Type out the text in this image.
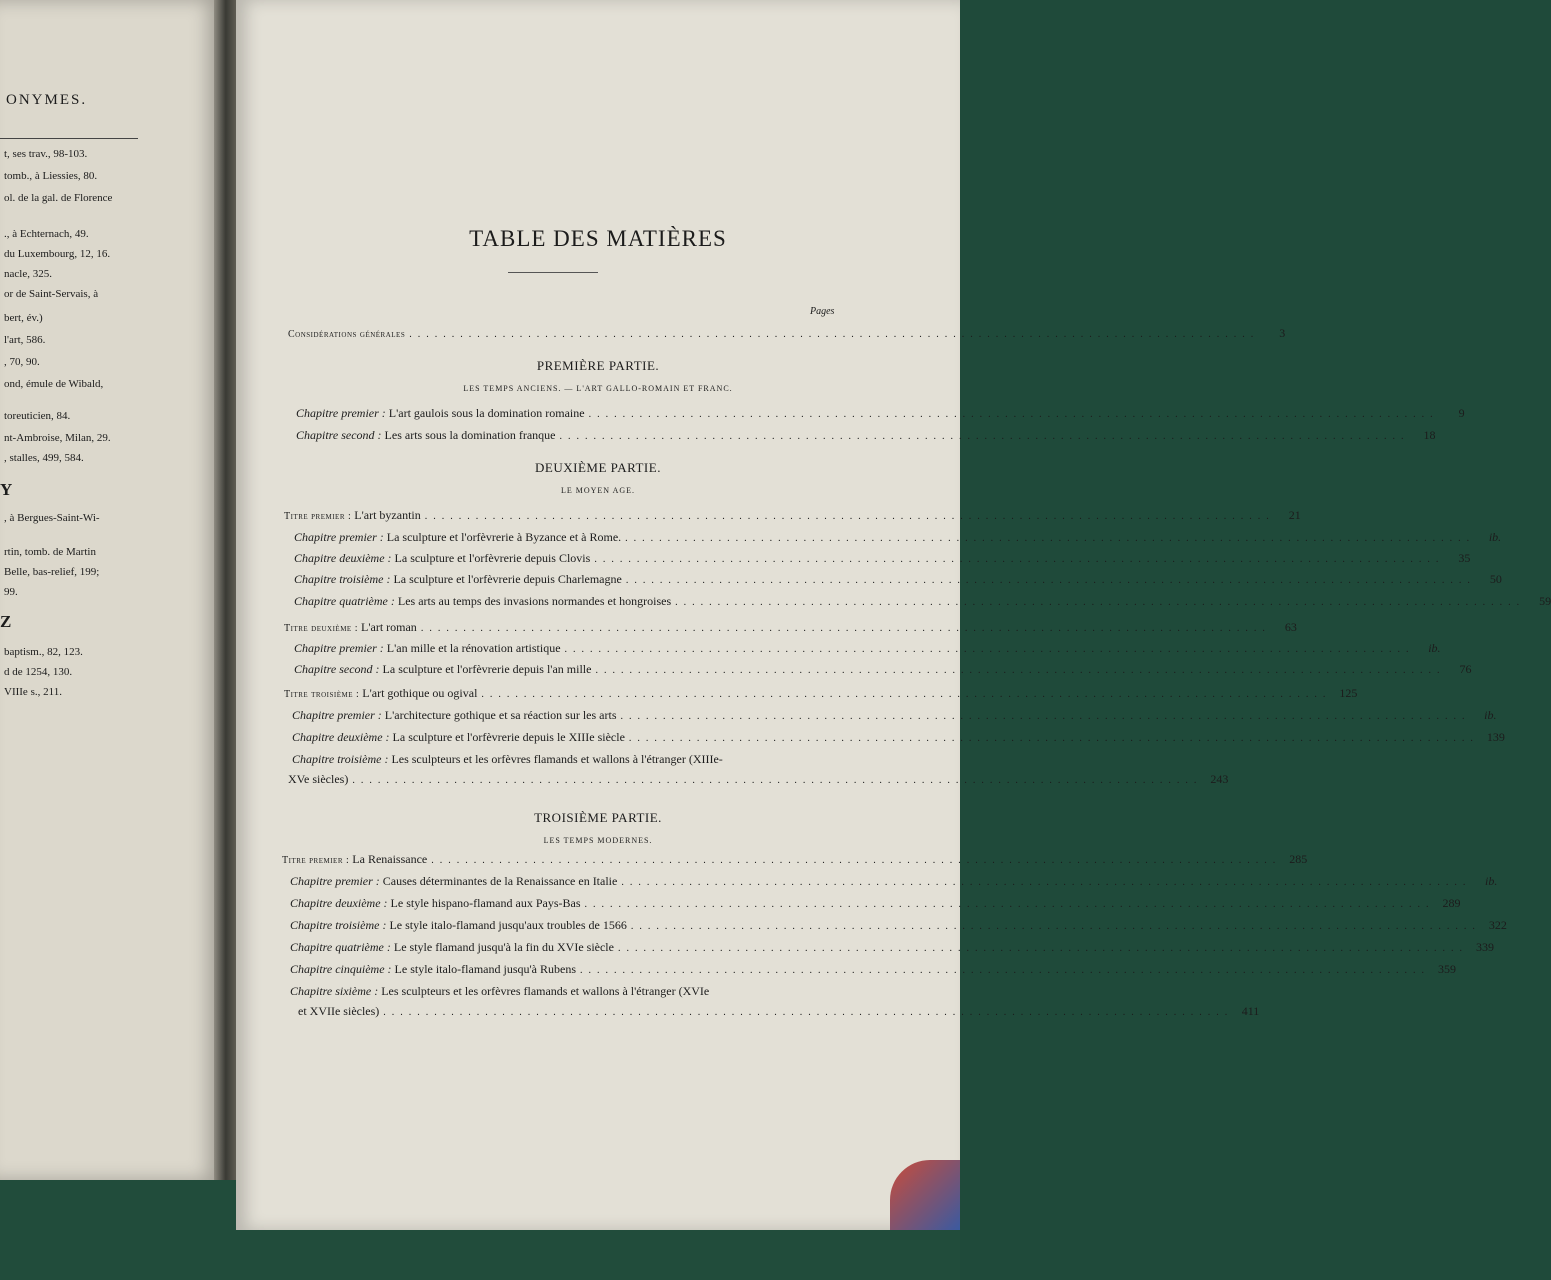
ONYMES.
t, ses trav., 98-103.
tomb., à Liessies, 80.
ol. de la gal. de Florence
., à Echternach, 49.
du Luxembourg, 12, 16.
nacle, 325.
or de Saint-Servais, à
bert, év.)
l'art, 586.
, 70, 90.
ond, émule de Wibald,
toreuticien, 84.
nt-Ambroise, Milan, 29.
, stalles, 499, 584.
Y
, à Bergues-Saint-Wi-
rtin, tomb. de Martin
Belle, bas-relief, 199;
99.
Z
baptism., 82, 123.
d de 1254, 130.
VIIIe s., 211.
TABLE DES MATIÈRES
Pages
Considérations générales ....................................................................................................	3
PREMIÈRE PARTIE.
LES TEMPS ANCIENS. — L'ART GALLO-ROMAIN ET FRANC.
Chapitre premier : L'art gaulois sous la domination romaine ....................................................................................................	9
Chapitre second : Les arts sous la domination franque ....................................................................................................	18
DEUXIÈME PARTIE.
LE MOYEN AGE.
Titre premier : L'art byzantin ....................................................................................................	21
Chapitre premier : La sculpture et l'orfèvrerie à Byzance et à Rome. ....................................................................................................	ib.
Chapitre deuxième : La sculpture et l'orfèvrerie depuis Clovis ....................................................................................................	35
Chapitre troisième : La sculpture et l'orfèvrerie depuis Charlemagne ....................................................................................................	50
Chapitre quatrième : Les arts au temps des invasions normandes et hongroises ....................................................................................................	59
Titre deuxième : L'art roman ....................................................................................................	63
Chapitre premier : L'an mille et la rénovation artistique ....................................................................................................	ib.
Chapitre second : La sculpture et l'orfèvrerie depuis l'an mille ....................................................................................................	76
Titre troisième : L'art gothique ou ogival .................................................................................................... 125
Chapitre premier : L'architecture gothique et sa réaction sur les arts ....................................................................................................	ib.
Chapitre deuxième : La sculpture et l'orfèvrerie depuis le XIIIe siècle .................................................................................................... 139
Chapitre troisième : Les sculpteurs et les orfèvres flamands et wallons à l'étranger (XIIIe-
XVe siècles) .................................................................................................... 243
TROISIÈME PARTIE.
LES TEMPS MODERNES.
Titre premier : La Renaissance .................................................................................................... 285
Chapitre premier : Causes déterminantes de la Renaissance en Italie ....................................................................................................	ib.
Chapitre deuxième : Le style hispano-flamand aux Pays-Bas .................................................................................................... 289
Chapitre troisième : Le style italo-flamand jusqu'aux troubles de 1566 .................................................................................................... 322
Chapitre quatrième : Le style flamand jusqu'à la fin du XVIe siècle .................................................................................................... 339
Chapitre cinquième : Le style italo-flamand jusqu'à Rubens .................................................................................................... 359
Chapitre sixième : Les sculpteurs et les orfèvres flamands et wallons à l'étranger (XVIe
et XVIIe siècles) .................................................................................................... 411
